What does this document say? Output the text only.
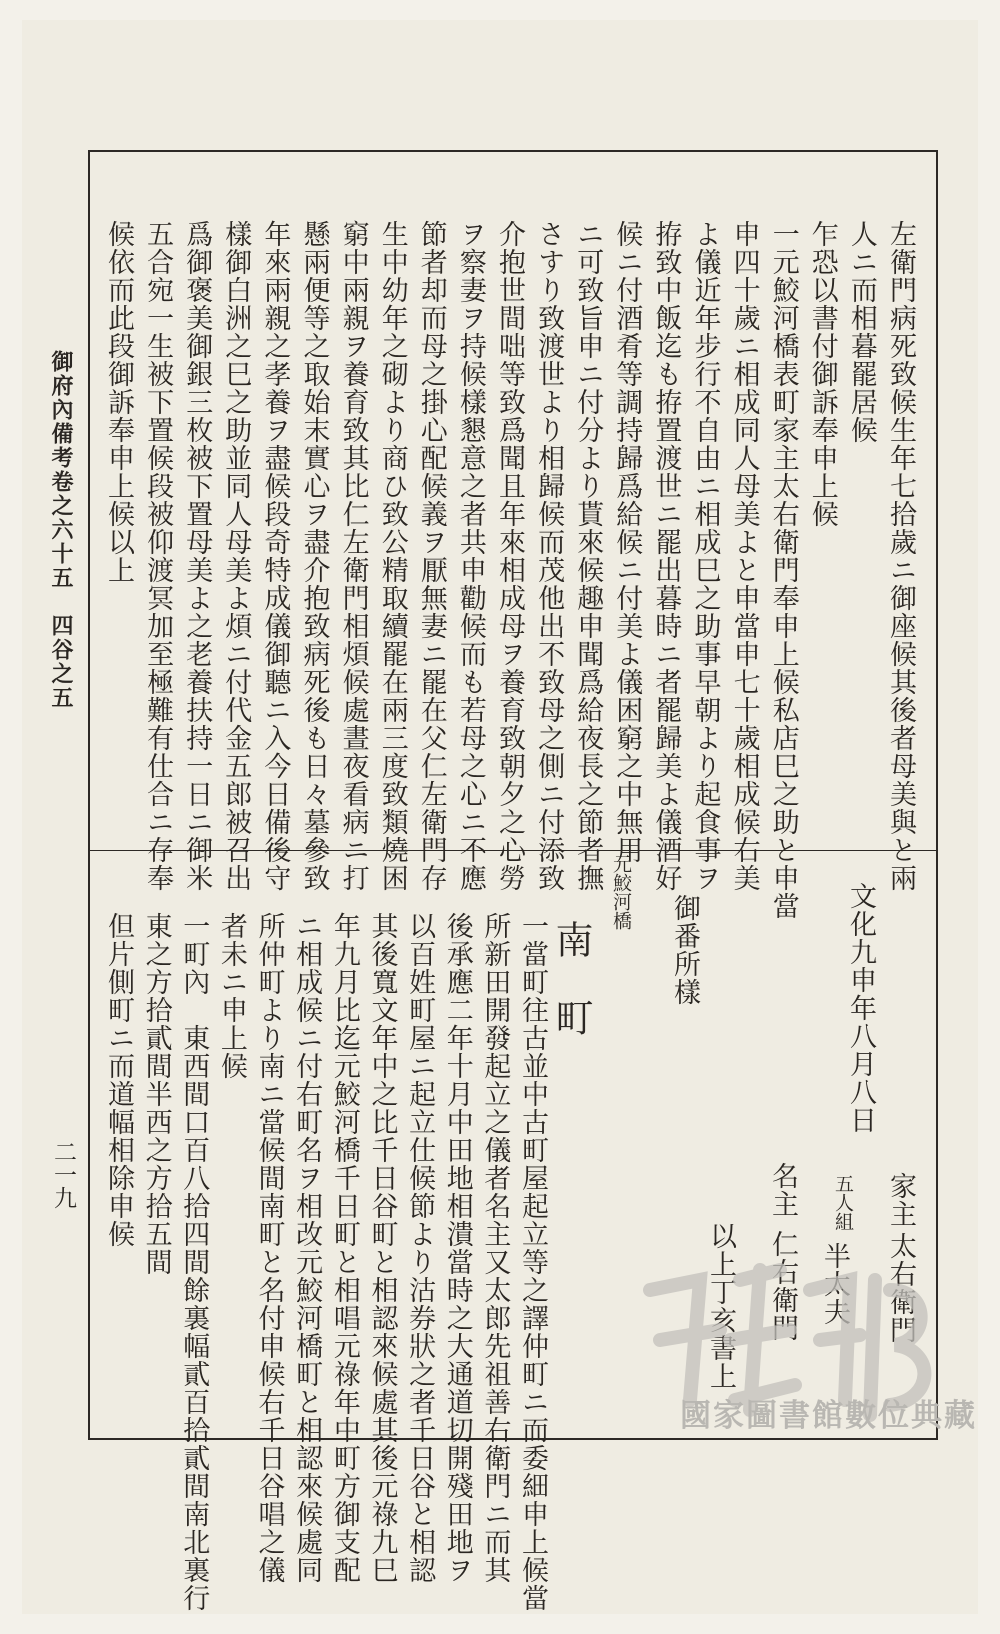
御府內備考卷之六十五　四谷之五
二一九
左衛門病死致候生年七拾歲ニ御座候其後者母美與と兩
人ニ而相暮罷居候
乍恐以書付御訴奉申上候
一元鮫河橋表町家主太右衛門奉申上候私店巳之助と申當
申四十歲ニ相成同人母美よと申當申七十歲相成候右美
よ儀近年步行不自由ニ相成巳之助事早朝より起食事ヲ
拵致中飯迄も拵置渡世ニ罷出暮時ニ者罷歸美よ儀酒好
候ニ付酒肴等調持歸爲給候ニ付美よ儀困窮之中無用
ニ可致旨申ニ付分より貰來候趣申聞爲給夜長之節者撫
さすり致渡世より相歸候而茂他出不致母之側ニ付添致
介抱世間咄等致爲聞且年來相成母ヲ養育致朝夕之心勞
ヲ察妻ヲ持候樣懇意之者共申勸候而も若母之心ニ不應
節者却而母之掛心配候義ヲ厭無妻ニ罷在父仁左衛門存
生中幼年之砌より商ひ致公精取續罷在兩三度致類燒困
窮中兩親ヲ養育致其比仁左衛門相煩候處晝夜看病ニ打
懸兩便等之取始末實心ヲ盡介抱致病死後も日々墓參致
年來兩親之孝養ヲ盡候段奇特成儀御聽ニ入今日備後守
樣御白洲之巳之助並同人母美よ煩ニ付代金五郎被召出
爲御褒美御銀三枚被下置母美よ之老養扶持一日ニ御米
文化九申年八月八日
家主
太右衛門
五人組
半太夫
名主
仁右衛門
以上丁亥書上
御番所樣
元鮫河橋
南町
一當町往古並中古町屋起立等之譯仲町ニ而委細申上候當
所新田開發起立之儀者名主又太郎先祖善右衛門ニ而其
後承應二年十月中田地相潰當時之大通道切開殘田地ヲ
以百姓町屋ニ起立仕候節より沽券狀之者千日谷と相認
其後寬文年中之比千日谷町と相認來候處其後元祿九巳
年九月比迄元鮫河橋千日町と相唱元祿年中町方御支配
ニ相成候ニ付右町名ヲ相改元鮫河橋町と相認來候處同
所仲町より南ニ當候間南町と名付申候右千日谷唱之儀
者未ニ申上候
一町內　東西間口百八拾四間餘裏幅貳百拾貳間南北裏行
東之方拾貳間半西之方拾五間
五合宛一生被下置候段被仰渡冥加至極難有仕合ニ存奉
候依而此段御訴奉申上候以上
但片側町ニ而道幅相除申候
國家圖書館數位典藏
